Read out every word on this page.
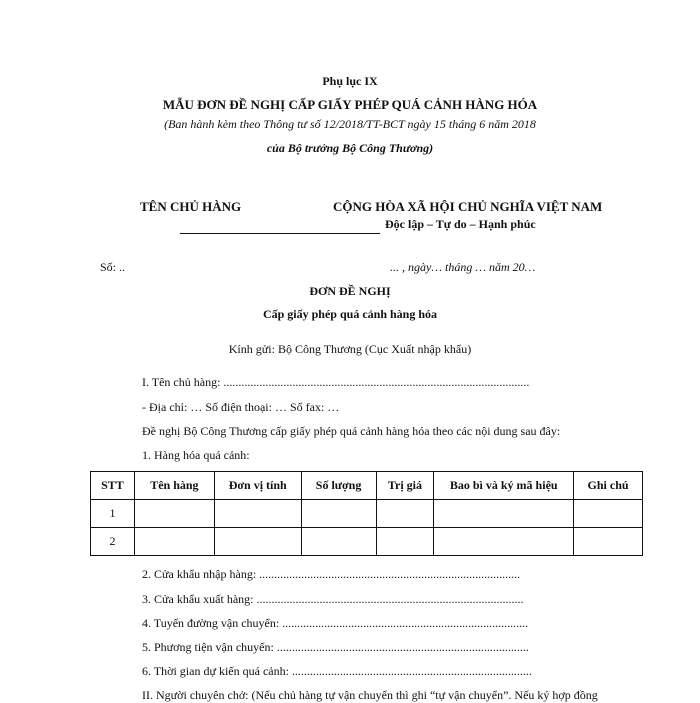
Phụ lục IX
MẪU ĐƠN ĐỀ NGHỊ CẤP GIẤY PHÉP QUÁ CẢNH HÀNG HÓA
(Ban hành kèm theo Thông tư số 12/2018/TT-BCT ngày 15 tháng 6 năm 2018
của Bộ trưởng Bộ Công Thương)
TÊN CHỦ HÀNG	CỘNG HÒA XÃ HỘI CHỦ NGHĨA VIỆT NAM
Độc lập – Tự do – Hạnh phúc
Số: ..	... , ngày… tháng … năm 20…
ĐƠN ĐỀ NGHỊ
Cấp giấy phép quá cảnh hàng hóa
Kính gửi: Bộ Công Thương (Cục Xuất nhập khẩu)
I. Tên chủ hàng: ......................................................................................................
- Địa chỉ: … Số điện thoại: … Số fax: …
Đề nghị Bộ Công Thương cấp giấy phép quá cảnh hàng hóa theo các nội dung sau đây:
1. Hàng hóa quá cảnh:
STT	Tên hàng	Đơn vị tính	Số lượng	Trị giá	Bao bì và ký mã hiệu	Ghi chú
1						
2						
2. Cửa khẩu nhập hàng: .......................................................................................
3. Cửa khẩu xuất hàng: .........................................................................................
4. Tuyến đường vận chuyển: ..................................................................................
5. Phương tiện vận chuyển: ....................................................................................
6. Thời gian dự kiến quá cảnh: ................................................................................
II. Người chuyên chở: (Nếu chủ hàng tự vận chuyển thì ghi “tự vận chuyển”. Nếu ký hợp đồng
